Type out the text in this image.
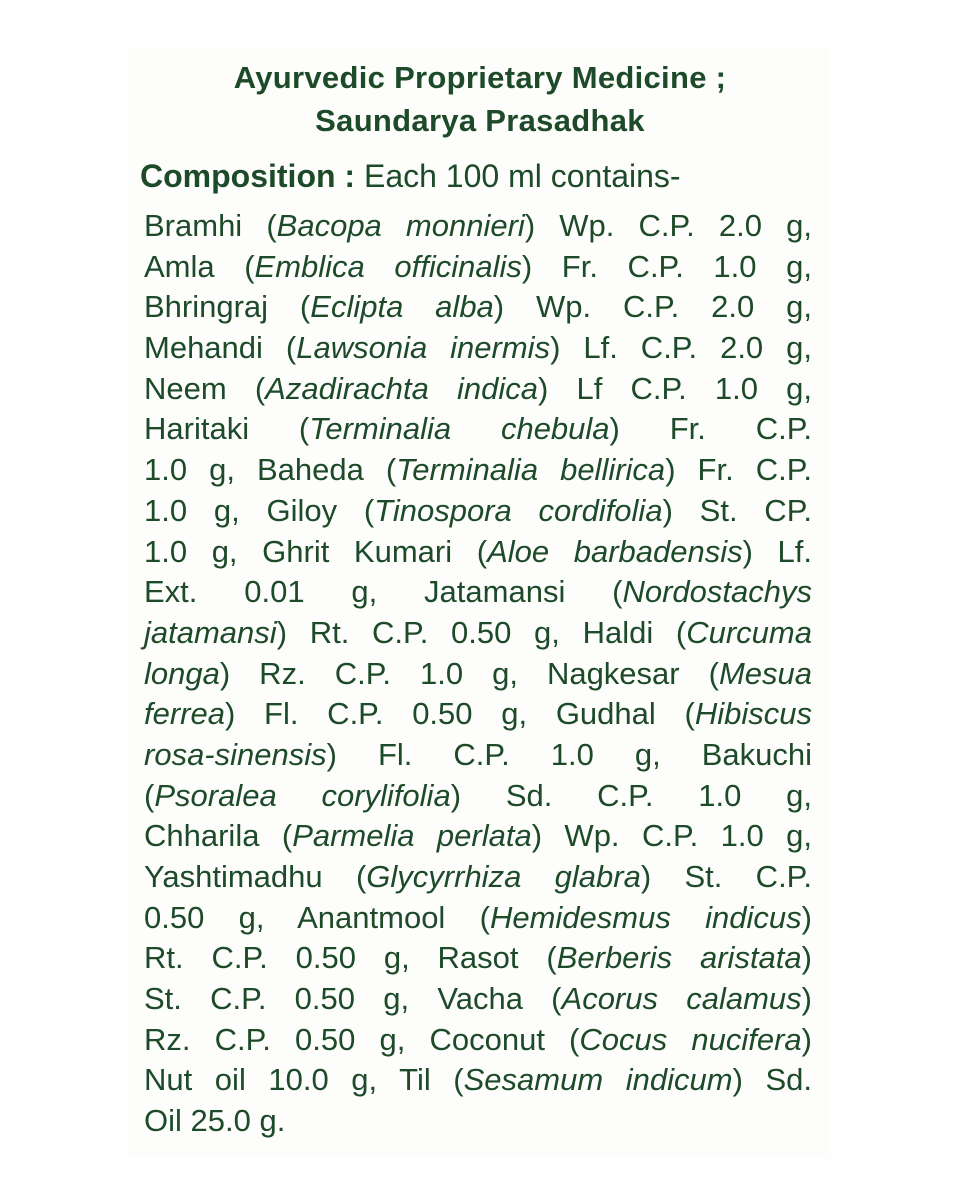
Ayurvedic Proprietary Medicine ;
Saundarya Prasadhak
Composition : Each 100 ml contains-
Bramhi (Bacopa monnieri) Wp. C.P. 2.0 g,
Amla (Emblica officinalis) Fr. C.P. 1.0 g,
Bhringraj (Eclipta alba) Wp. C.P. 2.0 g,
Mehandi (Lawsonia inermis) Lf. C.P. 2.0 g,
Neem (Azadirachta indica) Lf C.P. 1.0 g,
Haritaki (Terminalia chebula) Fr. C.P.
1.0 g, Baheda (Terminalia bellirica) Fr. C.P.
1.0 g, Giloy (Tinospora cordifolia) St. CP.
1.0 g, Ghrit Kumari (Aloe barbadensis) Lf.
Ext. 0.01 g, Jatamansi (Nordostachys
jatamansi) Rt. C.P. 0.50 g, Haldi (Curcuma
longa) Rz. C.P. 1.0 g, Nagkesar (Mesua
ferrea) Fl. C.P. 0.50 g, Gudhal (Hibiscus
rosa-sinensis) Fl. C.P. 1.0 g, Bakuchi
(Psoralea corylifolia) Sd. C.P. 1.0 g,
Chharila (Parmelia perlata) Wp. C.P. 1.0 g,
Yashtimadhu (Glycyrrhiza glabra) St. C.P.
0.50 g, Anantmool (Hemidesmus indicus)
Rt. C.P. 0.50 g, Rasot (Berberis aristata)
St. C.P. 0.50 g, Vacha (Acorus calamus)
Rz. C.P. 0.50 g, Coconut (Cocus nucifera)
Nut oil 10.0 g, Til (Sesamum indicum) Sd.
Oil 25.0 g.
